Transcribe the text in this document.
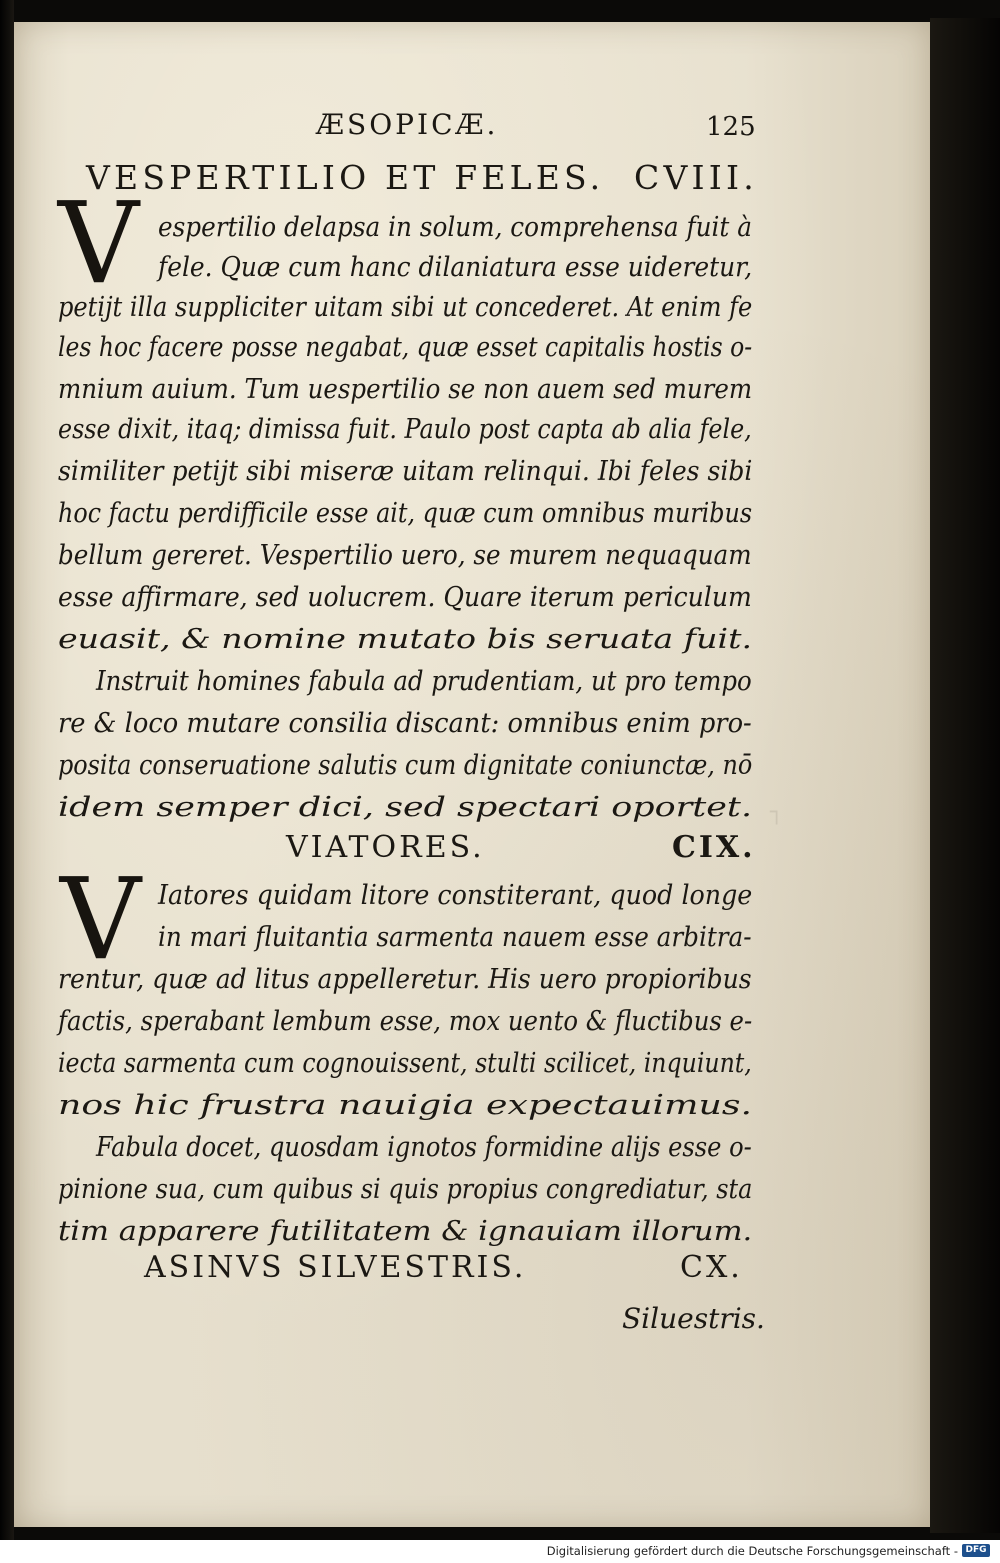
┐
ÆSOPICÆ.	125
VESPERTILIO ET FELES. CVIII.
V espertilio delapsa in solum, comprehensa fuit à
fele. Quæ cum hanc dilaniatura esse uideretur,
petijt illa suppliciter uitam sibi ut concederet. At enim fe
les hoc facere posse negabat, quæ esset capitalis hostis o-
mnium auium. Tum uespertilio se non auem sed murem
esse dixit, itaq; dimissa fuit. Paulo post capta ab alia fele,
similiter petijt sibi miseræ uitam relinqui. Ibi feles sibi
hoc factu perdifficile esse ait, quæ cum omnibus muribus
bellum gereret. Vespertilio uero, se murem nequaquam
esse affirmare, sed uolucrem. Quare iterum periculum
euasit, & nomine mutato bis seruata fuit.
Instruit homines fabula ad prudentiam, ut pro tempo
re & loco mutare consilia discant: omnibus enim pro-
posita conseruatione salutis cum dignitate coniunctæ, nō
idem semper dici, sed spectari oportet.
VIATORES.	CIX.
V Iatores quidam litore constiterant, quod longe
in mari fluitantia sarmenta nauem esse arbitra-
rentur, quæ ad litus appelleretur. His uero propioribus
factis, sperabant lembum esse, mox uento & fluctibus e-
iecta sarmenta cum cognouissent, stulti scilicet, inquiunt,
nos hic frustra nauigia expectauimus.
Fabula docet, quosdam ignotos formidine alijs esse o-
pinione sua, cum quibus si quis propius congrediatur, sta
tim apparere futilitatem & ignauiam illorum.
ASINVS SILVESTRIS.	CX.
Siluestris.
Digitalisierung gefördert durch die Deutsche Forschungsgemeinschaft - DFG
